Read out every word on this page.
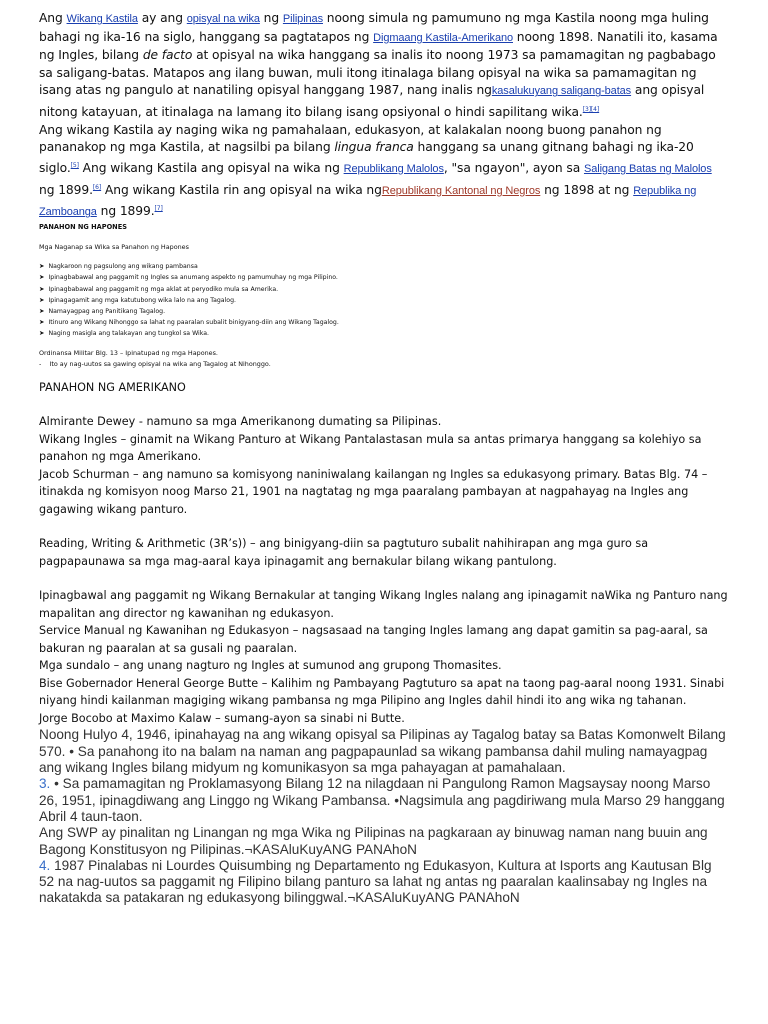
Ang Wikang Kastila ay ang opisyal na wika ng Pilipinas noong simula ng pamumuno ng mga Kastila noong mga huling bahagi ng ika-16 na siglo, hanggang sa pagtatapos ng Digmaang Kastila-Amerikano noong 1898. Nanatili ito, kasama ng Ingles, bilang de facto at opisyal na wika hanggang sa inalis ito noong 1973 sa pamamagitan ng pagbabago sa saligang-batas. Matapos ang ilang buwan, muli itong itinalaga bilang opisyal na wika sa pamamagitan ng isang atas ng pangulo at nanatiling opisyal hanggang 1987, nang inalis ngkasalukuyang saligang-batas ang opisyal nitong katayuan, at itinalaga na lamang ito bilang isang opsiyonal o hindi sapilitang wika.[3][4]

Ang wikang Kastila ay naging wika ng pamahalaan, edukasyon, at kalakalan noong buong panahon ng pananakop ng mga Kastila, at nagsilbi pa bilang lingua franca hanggang sa unang gitnang bahagi ng ika-20 siglo.[5] Ang wikang Kastila ang opisyal na wika ng Republikang Malolos, "sa ngayon", ayon sa Saligang Batas ng Malolos ng 1899.[6] Ang wikang Kastila rin ang opisyal na wika ngRepublikang Kantonal ng Negros ng 1898 at ng Republika ng Zamboanga ng 1899.[7]

PANAHON NG HAPONES

Mga Naganap sa Wika sa Panahon ng Hapones

➤ Nagkaroon ng pagsulong ang wikang pambansa
➤ Ipinagbabawal ang paggamit ng Ingles sa anumang aspekto ng pamumuhay ng mga Pilipino.
➤ Ipinagbabawal ang paggamit ng mga aklat at peryodiko mula sa Amerika.
➤ Ipinagagamit ang mga katutubong wika lalo na ang Tagalog.
➤ Namayagpag ang Panitikang Tagalog.
➤ Itinuro ang Wikang Nihonggo sa lahat ng paaralan subalit binigyang-diin ang Wikang Tagalog.
➤ Naging masigla ang talakayan ang tungkol sa Wika.

Ordinansa Militar Blg. 13 – Ipinatupad ng mga Hapones.

- Ito ay nag-uutos sa gawing opisyal na wika ang Tagalog at Nihonggo.

PANAHON NG AMERIKANO

Almirante Dewey - namuno sa mga Amerikanong dumating sa Pilipinas.

Wikang Ingles – ginamit na Wikang Panturo at Wikang Pantalastasan mula sa antas primarya hanggang sa kolehiyo sa panahon ng mga Amerikano.

Jacob Schurman – ang namuno sa komisyong naniniwalang kailangan ng Ingles sa edukasyong primary. Batas Blg. 74 – itinakda ng komisyon noog Marso 21, 1901 na nagtatag ng mga paaralang pambayan at nagpahayag na Ingles ang gagawing wikang panturo.

Reading, Writing & Arithmetic (3R’s)) – ang binigyang-diin sa pagtuturo subalit nahihirapan ang mga guro sa pagpapaunawa sa mga mag-aaral kaya ipinagamit ang bernakular bilang wikang pantulong.

Ipinagbawal ang paggamit ng Wikang Bernakular at tanging Wikang Ingles nalang ang ipinagamit naWika ng Panturo nang mapalitan ang director ng kawanihan ng edukasyon.

Service Manual ng Kawanihan ng Edukasyon – nagsasaad na tanging Ingles lamang ang dapat gamitin sa pag-aaral, sa bakuran ng paaralan at sa gusali ng paaralan.

Mga sundalo – ang unang nagturo ng Ingles at sumunod ang grupong Thomasites.

Bise Gobernador Heneral George Butte – Kalihim ng Pambayang Pagtuturo sa apat na taong pag-aaral noong 1931. Sinabi niyang hindi kailanman magiging wikang pambansa ng mga Pilipino ang Ingles dahil hindi ito ang wika ng tahanan.

Jorge Bocobo at Maximo Kalaw – sumang-ayon sa sinabi ni Butte.

Noong Hulyo 4, 1946, ipinahayag na ang wikang opisyal sa Pilipinas ay Tagalog batay sa Batas Komonwelt Bilang 570. • Sa panahong ito na balam na naman ang pagpapaunlad sa wikang pambansa dahil muling namayagpag ang wikang Ingles bilang midyum ng komunikasyon sa mga pahayagan at pamahalaan.

3. • Sa pamamagitan ng Proklamasyong Bilang 12 na nilagdaan ni Pangulong Ramon Magsaysay noong Marso 26, 1951, ipinagdiwang ang Linggo ng Wikang Pambansa. •Nagsimula ang pagdiriwang mula Marso 29 hanggang Abril 4 taun-taon.

Ang SWP ay pinalitan ng Linangan ng mga Wika ng Pilipinas na pagkaraan ay binuwag naman nang buuin ang Bagong Konstitusyon ng Pilipinas.¬KASAluKuyANG PANAhoN

4. 1987 Pinalabas ni Lourdes Quisumbing ng Departamento ng Edukasyon, Kultura at Isports ang Kautusan Blg 52 na nag-uutos sa paggamit ng Filipino bilang panturo sa lahat ng antas ng paaralan kaalinsabay ng Ingles na nakatakda sa patakaran ng edukasyong bilinggwal.¬KASAluKuyANG PANAhoN
